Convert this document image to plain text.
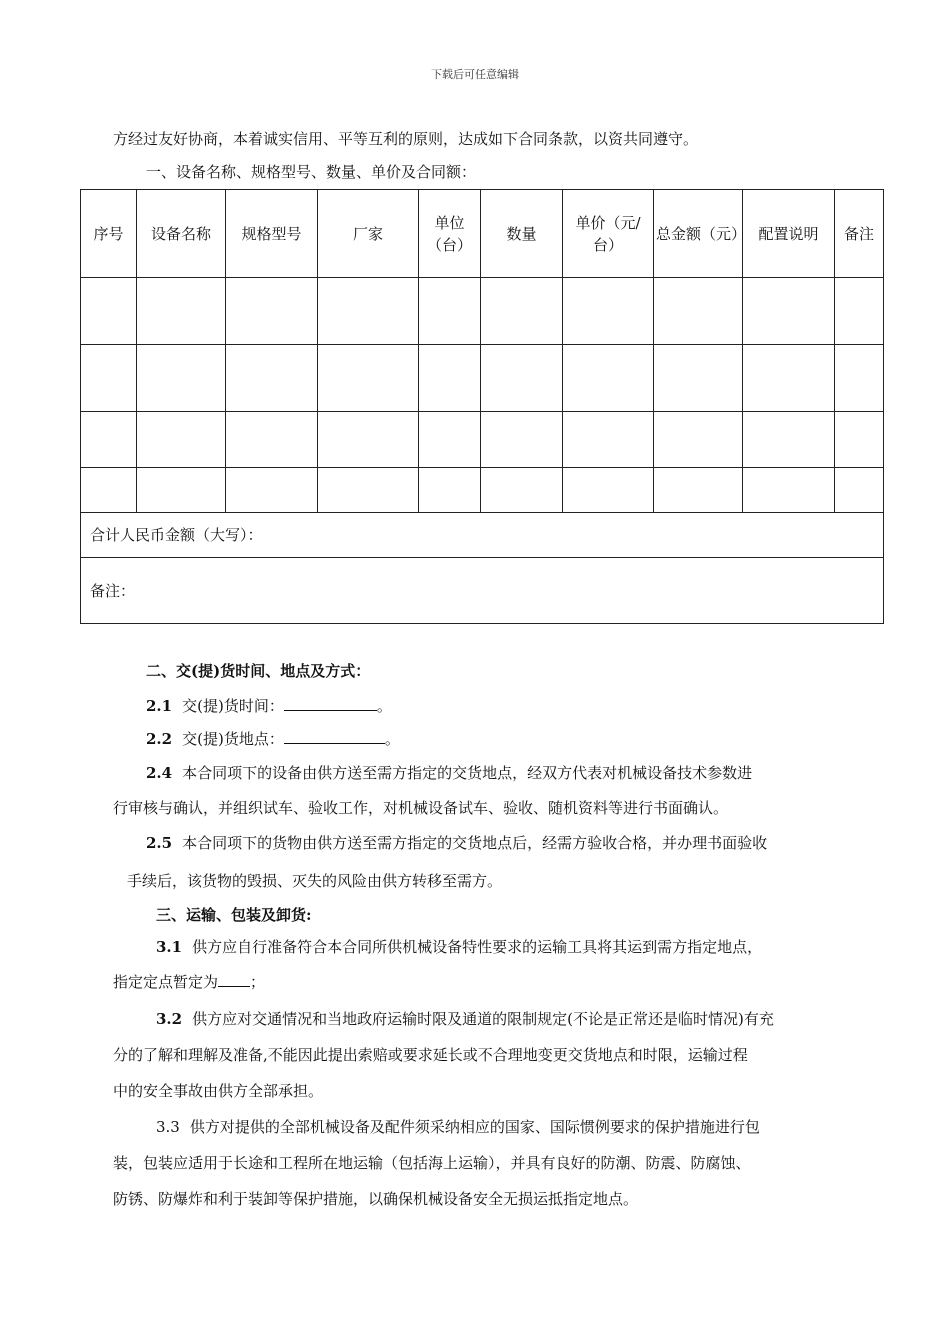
下载后可任意编辑
方经过友好协商，本着诚实信用、平等互利的原则，达成如下合同条款，以资共同遵守。
一、设备名称、规格型号、数量、单价及合同额：
序号	设备名称	规格型号	厂家	单位（台）	数量	单价（元/台）	总金额（元）	配置说明	备注

合计人民币金额（大写）：									
备注：									
二、交(提)货时间、地点及方式：
2.1 交(提)货时间：	。
2.2 交(提)货地点：	。
2.4 本合同项下的设备由供方送至需方指定的交货地点，经双方代表对机械设备技术参数进
行审核与确认，并组织试车、验收工作，对机械设备试车、验收、随机资料等进行书面确认。
2.5 本合同项下的货物由供方送至需方指定的交货地点后，经需方验收合格，并办理书面验收
手续后，该货物的毁损、灭失的风险由供方转移至需方。
三、运输、包装及卸货:
3.1 供方应自行准备符合本合同所供机械设备特性要求的运输工具将其运到需方指定地点，
指定定点暂定为 ；
3.2 供方应对交通情况和当地政府运输时限及通道的限制规定(不论是正常还是临时情况)有充
分的了解和理解及准备,不能因此提出索赔或要求延长或不合理地变更交货地点和时限，运输过程
中的安全事故由供方全部承担。
3.3 供方对提供的全部机械设备及配件须采纳相应的国家、国际惯例要求的保护措施进行包
装，包装应适用于长途和工程所在地运输（包括海上运输），并具有良好的防潮、防震、防腐蚀、
防锈、防爆炸和利于装卸等保护措施，以确保机械设备安全无损运抵指定地点。
